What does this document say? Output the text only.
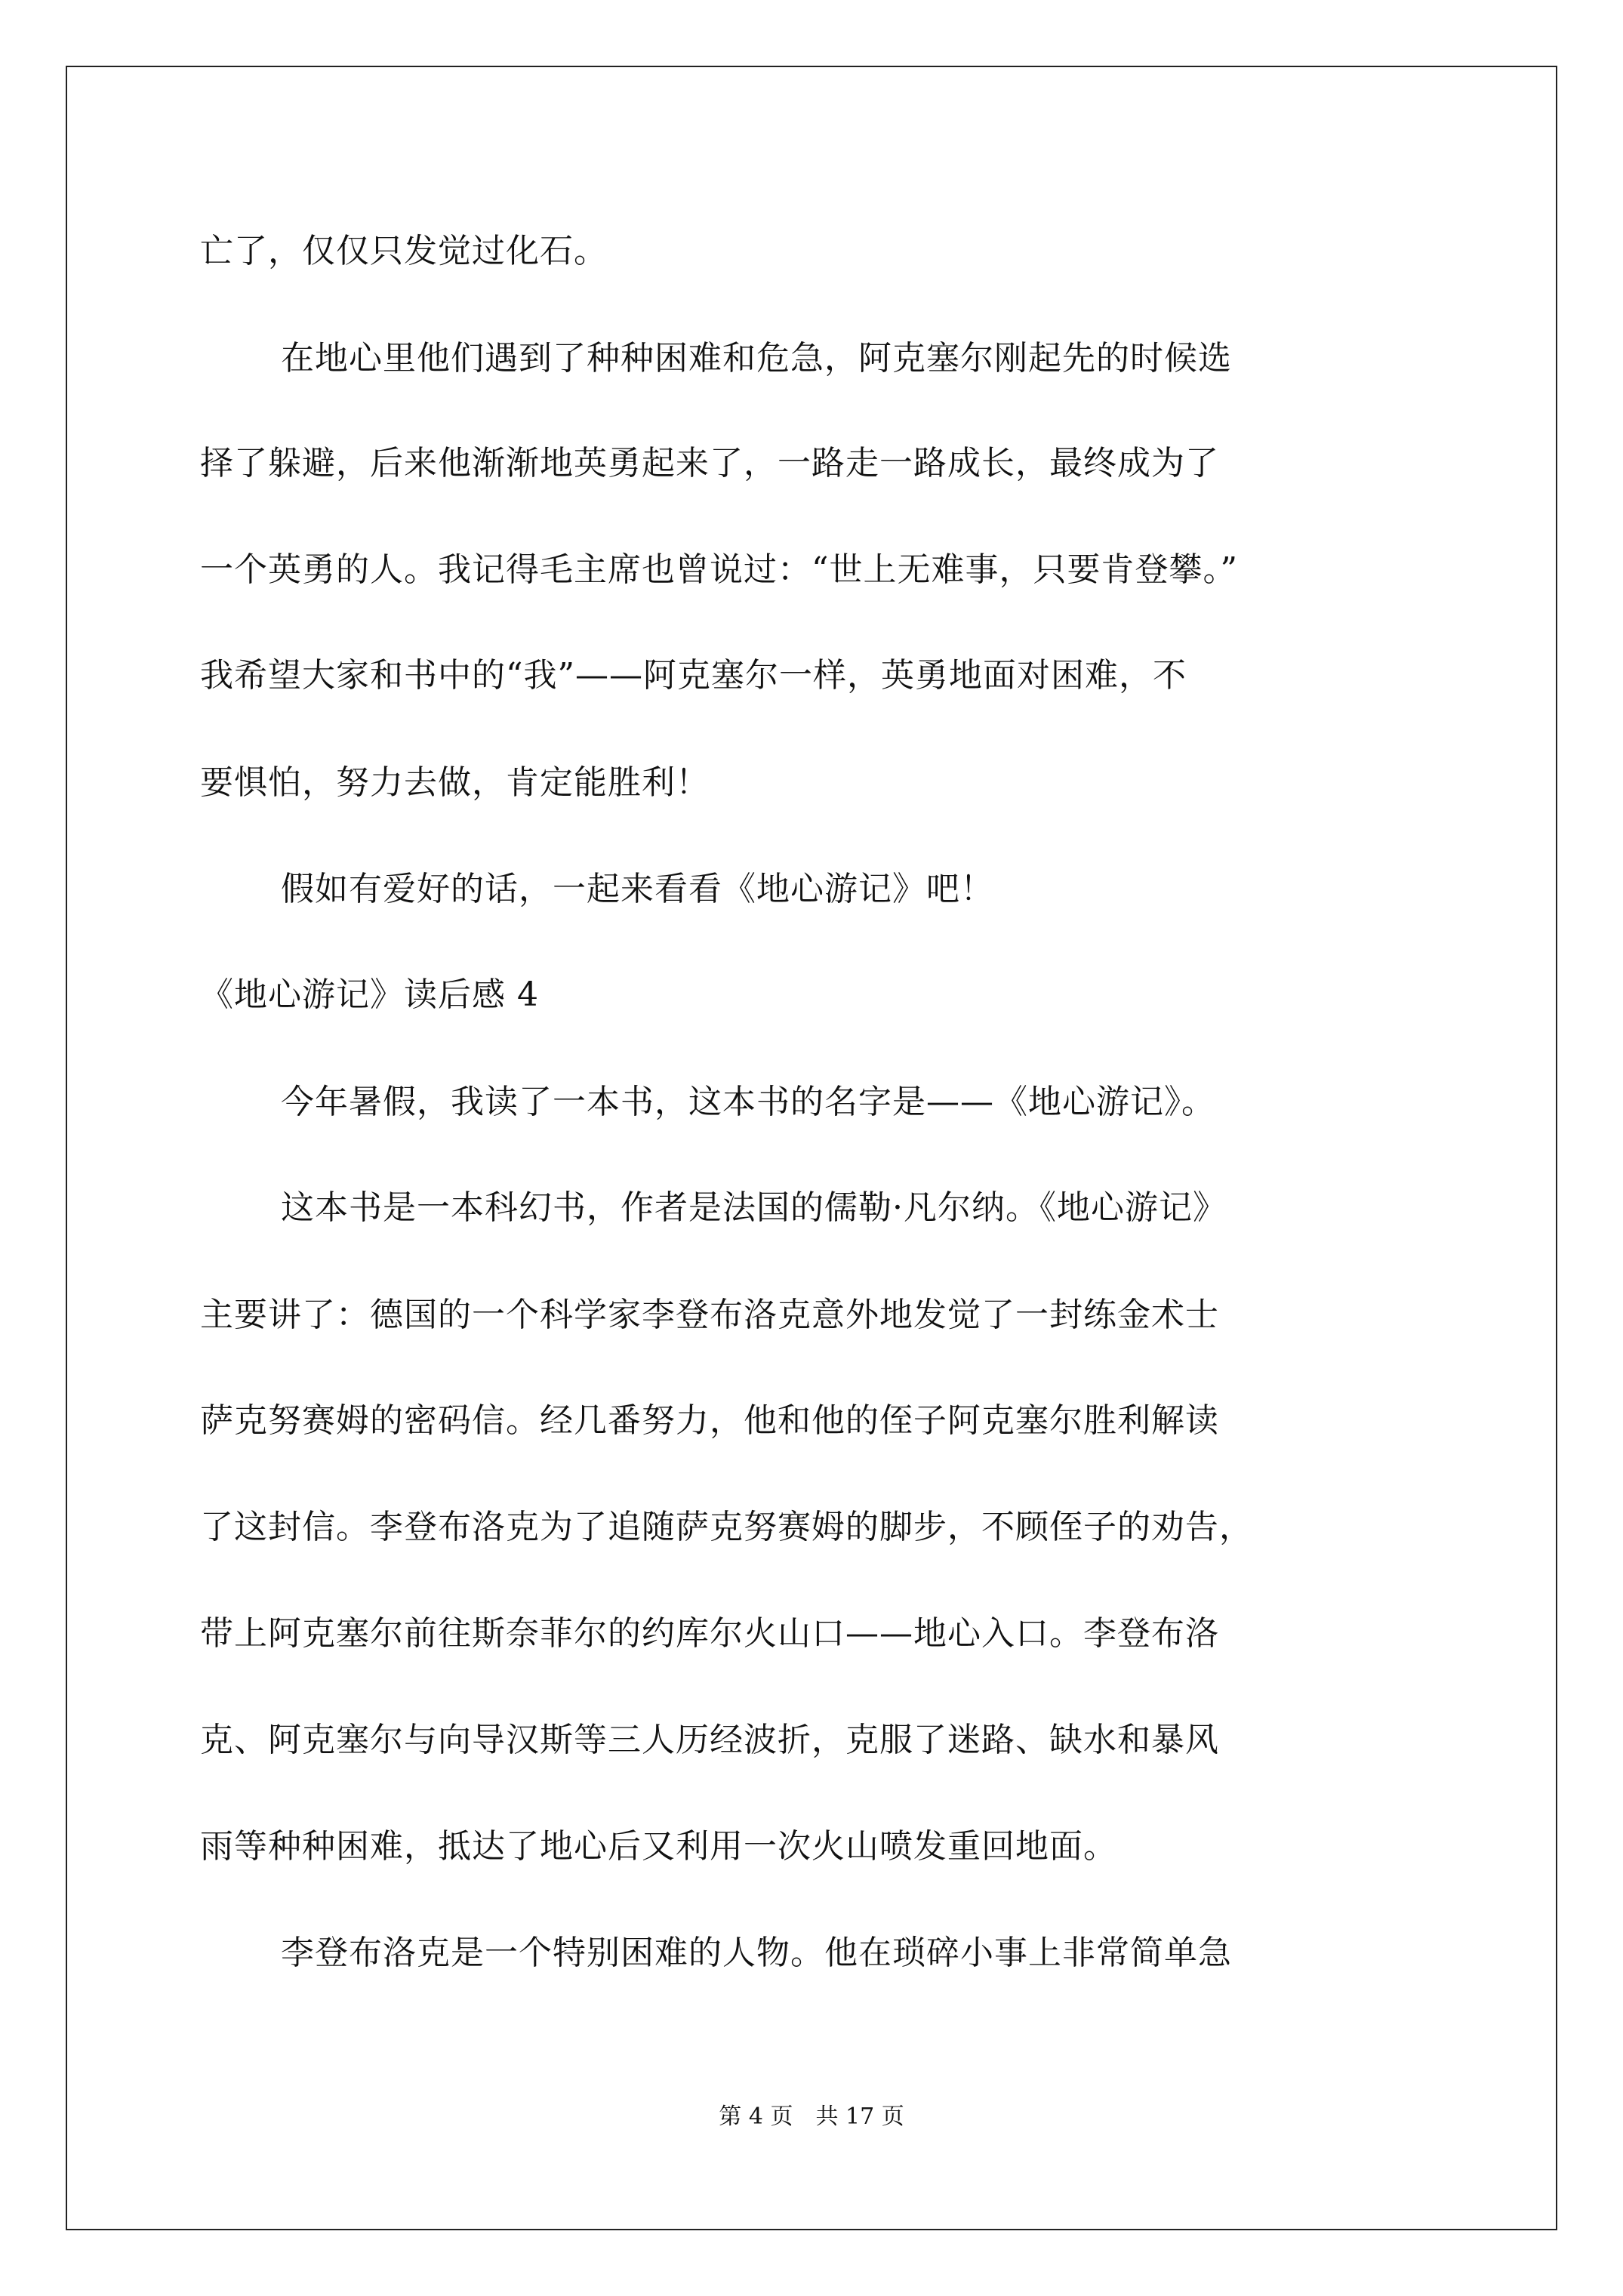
亡了，仅仅只发觉过化石。
在地心里他们遇到了种种困难和危急，阿克塞尔刚起先的时候选
择了躲避，后来他渐渐地英勇起来了，一路走一路成长，最终成为了
一个英勇的人。我记得毛主席也曾说过：“世上无难事，只要肯登攀。”
我希望大家和书中的“我”——阿克塞尔一样，英勇地面对困难，不
要惧怕，努力去做，肯定能胜利！
假如有爱好的话，一起来看看《地心游记》吧！
《地心游记》读后感 4
今年暑假，我读了一本书，这本书的名字是——《地心游记》。
这本书是一本科幻书，作者是法国的儒勒·凡尔纳。《地心游记》
主要讲了：德国的一个科学家李登布洛克意外地发觉了一封练金术士
萨克努赛姆的密码信。经几番努力，他和他的侄子阿克塞尔胜利解读
了这封信。李登布洛克为了追随萨克努赛姆的脚步，不顾侄子的劝告，
带上阿克塞尔前往斯奈菲尔的约库尔火山口——地心入口。李登布洛
克、阿克塞尔与向导汉斯等三人历经波折，克服了迷路、缺水和暴风
雨等种种困难，抵达了地心后又利用一次火山喷发重回地面。
李登布洛克是一个特别困难的人物。他在琐碎小事上非常简单急
第 4 页　共 17 页
